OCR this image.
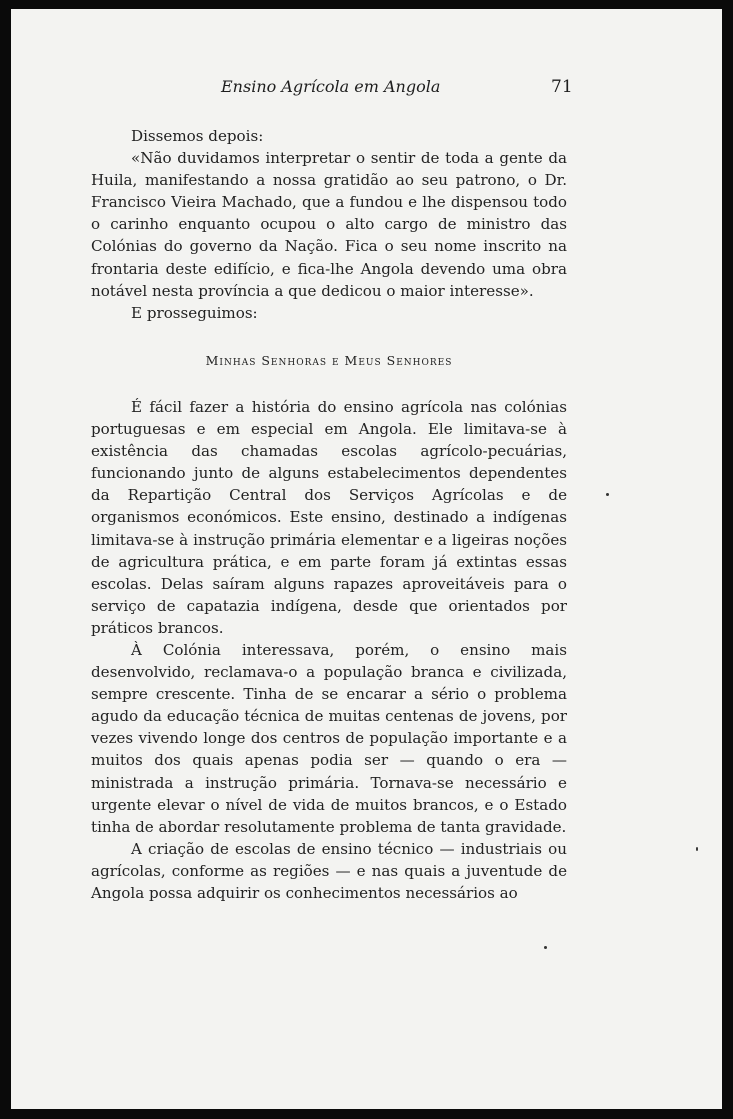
Ensino Agrícola em Angola	71

Dissemos depois:

«Não duvidamos interpretar o sentir de toda a gente da Huila, manifestando a nossa gratidão ao seu patrono, o Dr. Francisco Vieira Machado, que a fundou e lhe dispensou todo o carinho enquanto ocupou o alto cargo de ministro das Colónias do governo da Nação. Fica o seu nome inscrito na frontaria deste edifício, e fica-lhe Angola devendo uma obra notável nesta província a que dedicou o maior interesse».

E prosseguimos:

Minhas Senhoras e Meus Senhores

É fácil fazer a história do ensino agrícola nas colónias portuguesas e em especial em Angola. Ele limitava-se à existência das chamadas escolas agrícolo-pecuárias, funcionando junto de alguns estabelecimentos dependentes da Repartição Central dos Serviços Agrícolas e de organismos económicos. Este ensino, destinado a indígenas limitava-se à instrução primária elementar e a ligeiras noções de agricultura prática, e em parte foram já extintas essas escolas. Delas saíram alguns rapazes aproveitáveis para o serviço de capatazia indígena, desde que orientados por práticos brancos.

À Colónia interessava, porém, o ensino mais desenvolvido, reclamava-o a população branca e civilizada, sempre crescente. Tinha de se encarar a sério o problema agudo da educação técnica de muitas centenas de jovens, por vezes vivendo longe dos centros de população importante e a muitos dos quais apenas podia ser — quando o era — ministrada a instrução primária. Tornava-se necessário e urgente elevar o nível de vida de muitos brancos, e o Estado tinha de abordar resolutamente problema de tanta gravidade.

A criação de escolas de ensino técnico — industriais ou agrícolas, conforme as regiões — e nas quais a juventude de Angola possa adquirir os conhecimentos necessários ao
